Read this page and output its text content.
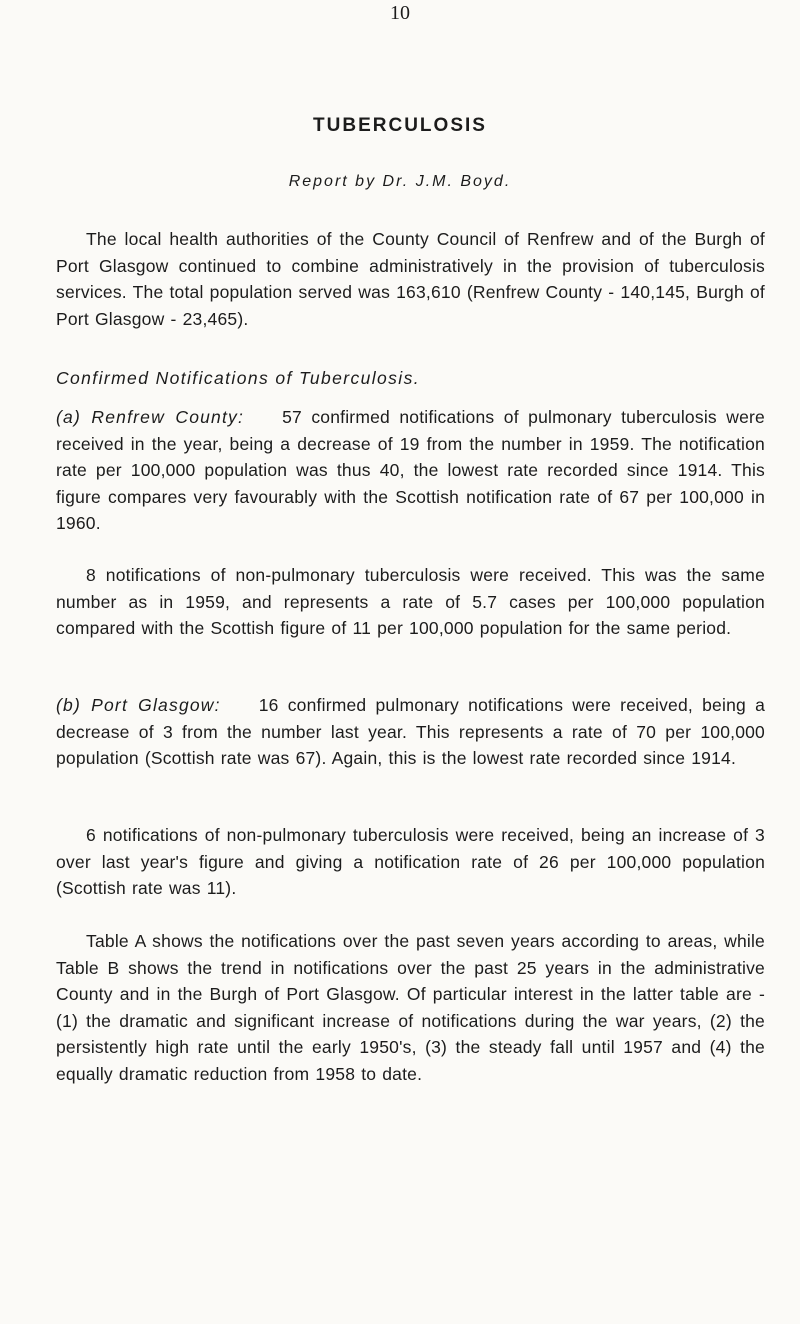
10
TUBERCULOSIS
Report by Dr. J.M. Boyd.

The local health authorities of the County Council of Renfrew and of the Burgh of Port Glasgow continued to combine administratively in the provision of tuberculosis services. The total population served was 163,610 (Renfrew County - 140,145, Burgh of Port Glasgow - 23,465).

Confirmed Notifications of Tuberculosis.

(a) Renfrew County: 57 confirmed notifications of pulmonary tuberculosis were received in the year, being a decrease of 19 from the number in 1959. The notification rate per 100,000 population was thus 40, the lowest rate recorded since 1914. This figure compares very favourably with the Scottish notification rate of 67 per 100,000 in 1960.

8 notifications of non-pulmonary tuberculosis were received. This was the same number as in 1959, and represents a rate of 5.7 cases per 100,000 population compared with the Scottish figure of 11 per 100,000 population for the same period.

(b) Port Glasgow: 16 confirmed pulmonary notifications were received, being a decrease of 3 from the number last year. This represents a rate of 70 per 100,000 population (Scottish rate was 67). Again, this is the lowest rate recorded since 1914.

6 notifications of non-pulmonary tuberculosis were received, being an increase of 3 over last year's figure and giving a notification rate of 26 per 100,000 population (Scottish rate was 11).

Table A shows the notifications over the past seven years according to areas, while Table B shows the trend in notifications over the past 25 years in the administrative County and in the Burgh of Port Glasgow. Of particular interest in the latter table are - (1) the dramatic and significant increase of notifications during the war years, (2) the persistently high rate until the early 1950's, (3) the steady fall until 1957 and (4) the equally dramatic reduction from 1958 to date.
